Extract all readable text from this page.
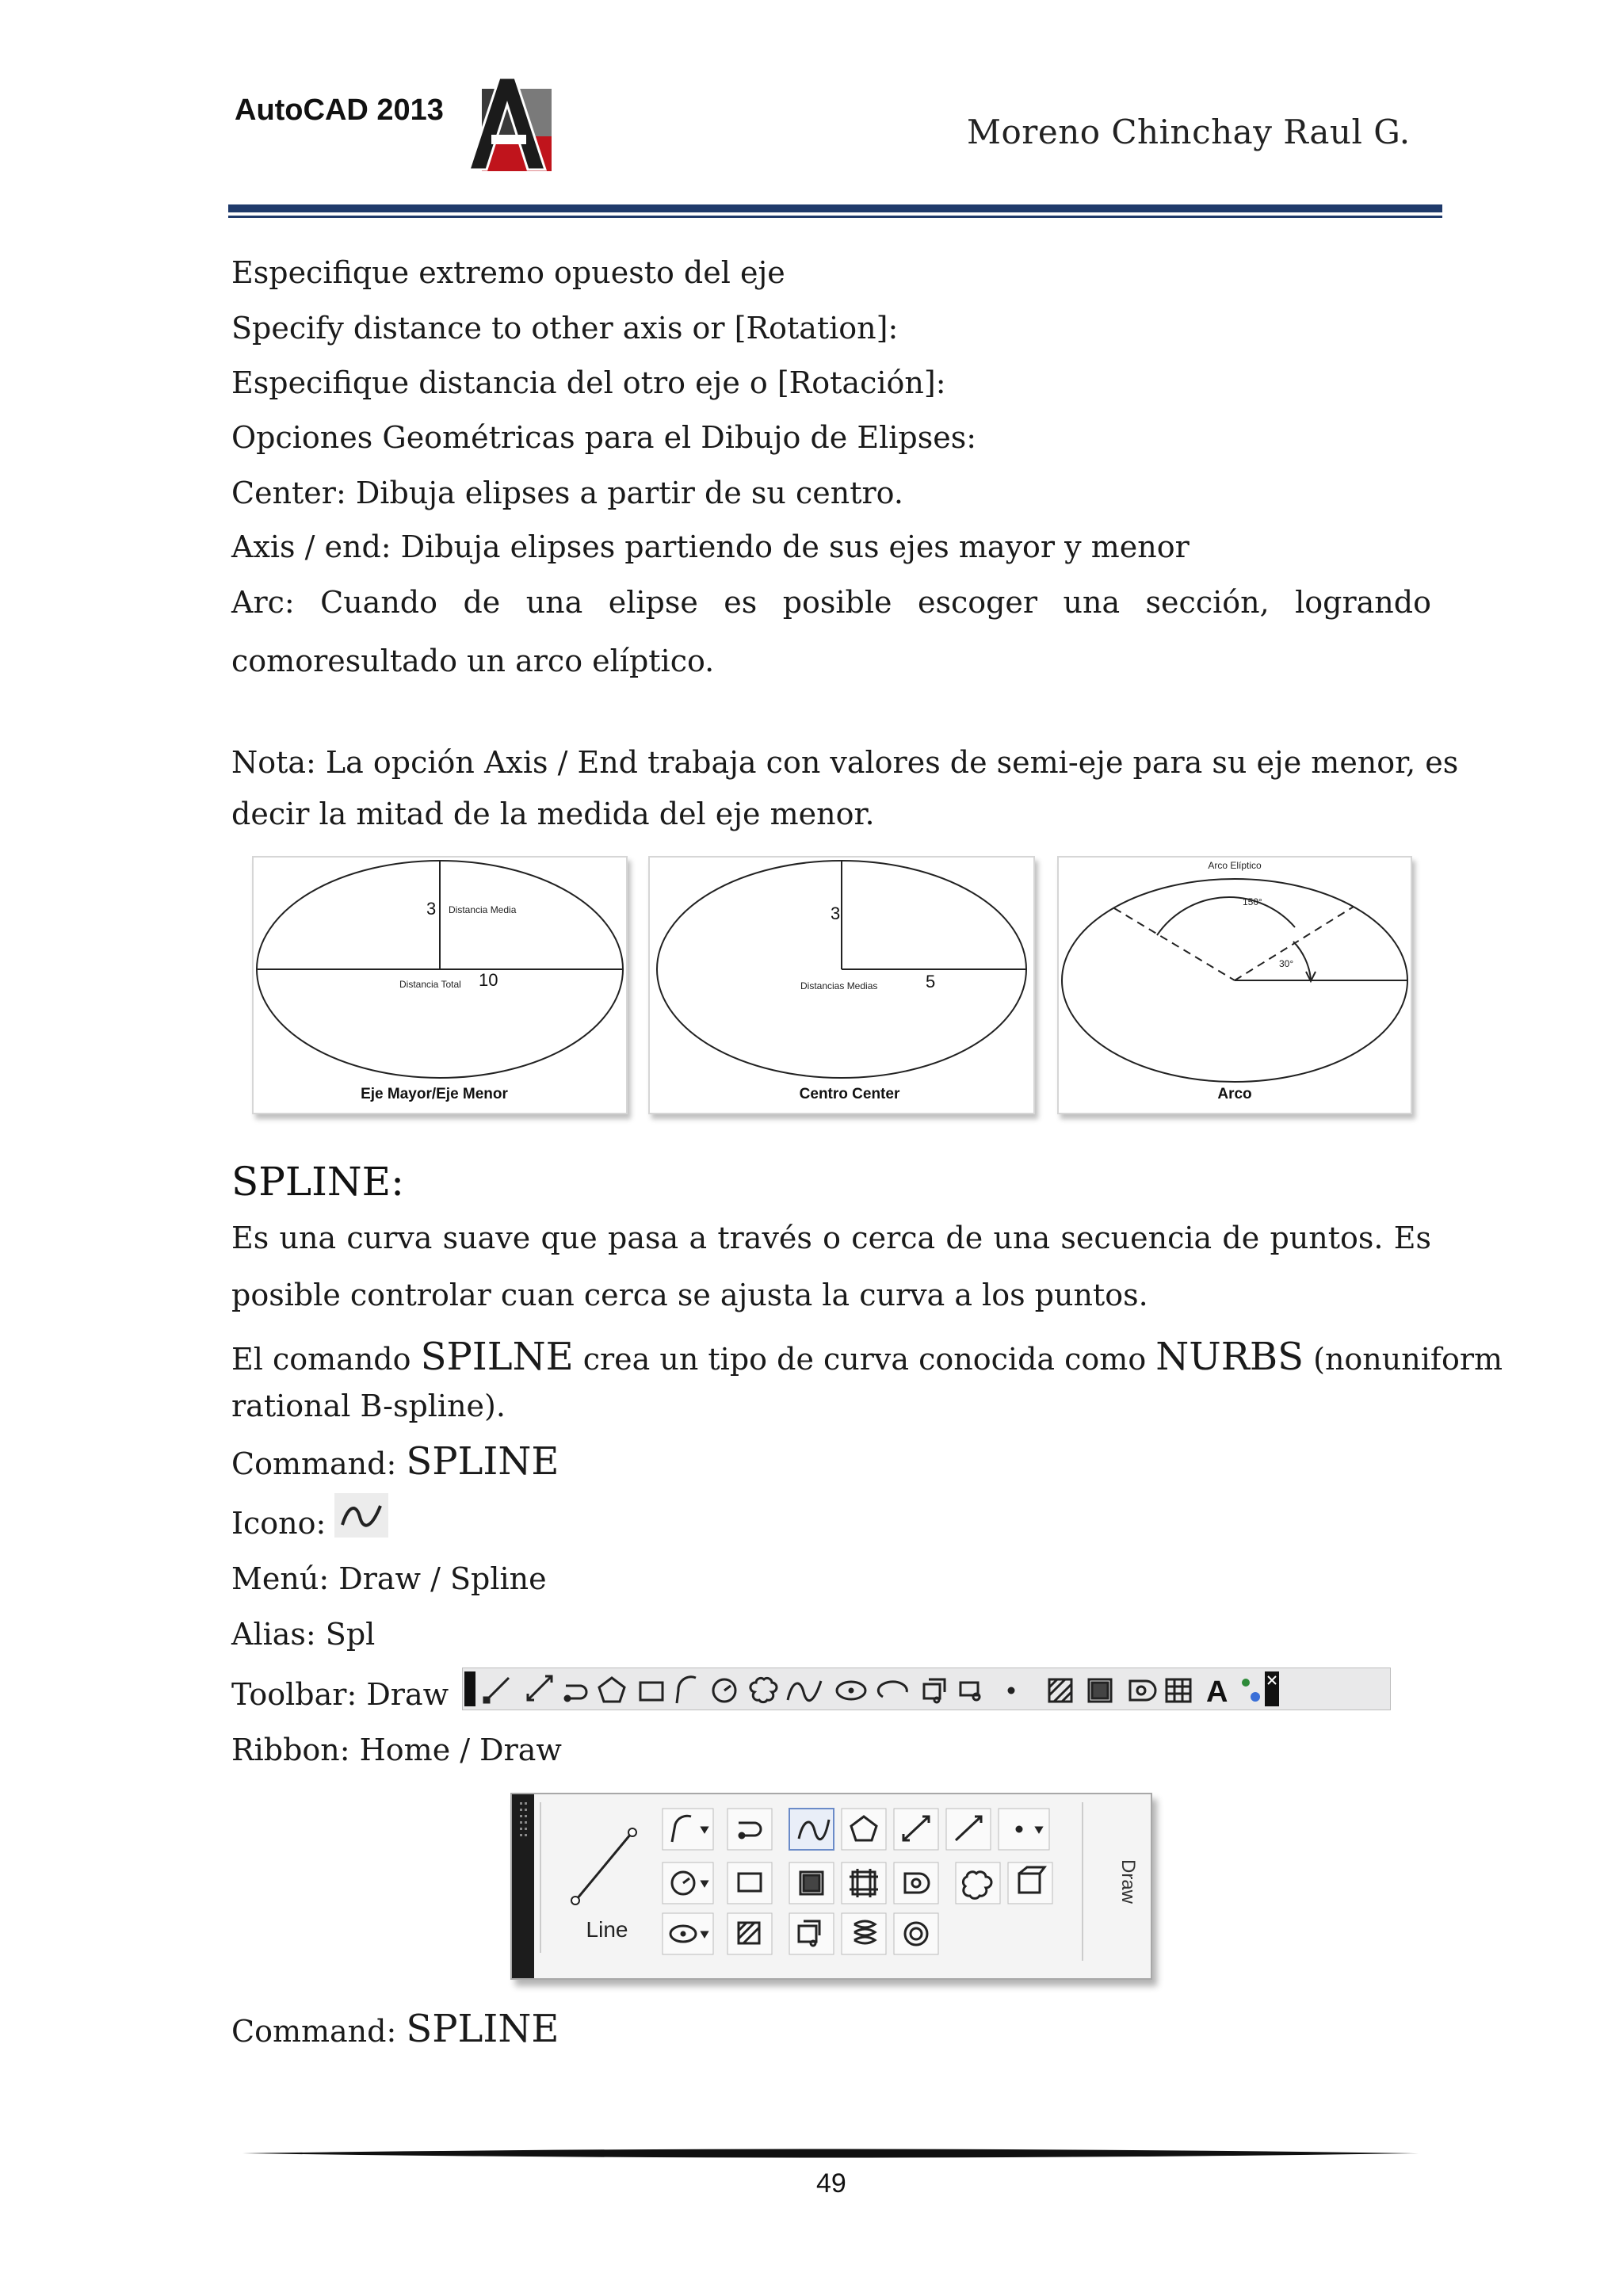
AutoCAD 2013
Moreno Chinchay Raul G.
Especifique extremo opuesto del eje
Specify distance to other axis or [Rotation]:
Especifique distancia del otro eje o [Rotación]:
Opciones Geométricas para el Dibujo de Elipses:
Center: Dibuja elipses a partir de su centro.
Axis / end: Dibuja elipses partiendo de sus ejes mayor y menor
Arc: Cuando de una elipse es posible escoger una sección, logrando
comoresultado un arco elíptico.
Nota: La opción Axis / End trabaja con valores de semi-eje para su eje menor, es
decir la mitad de la medida del eje menor.
3 Distancia Media
Distancia Total 10
Eje Mayor/Eje Menor
3
Distancias Medias	5
Centro Center
Arco Elíptico
150°
30°
Arco
SPLINE:
Es una curva suave que pasa a través o cerca de una secuencia de puntos. Es
posible controlar cuan cerca se ajusta la curva a los puntos.
El comando SPILNE crea un tipo de curva conocida como NURBS (nonuniform
rational B-spline).
Command: SPLINE
Icono:
Menú: Draw / Spline
Alias: Spl
Toolbar: Draw	A
Ribbon: Home / Draw
Line
Draw
Command: SPLINE
49
